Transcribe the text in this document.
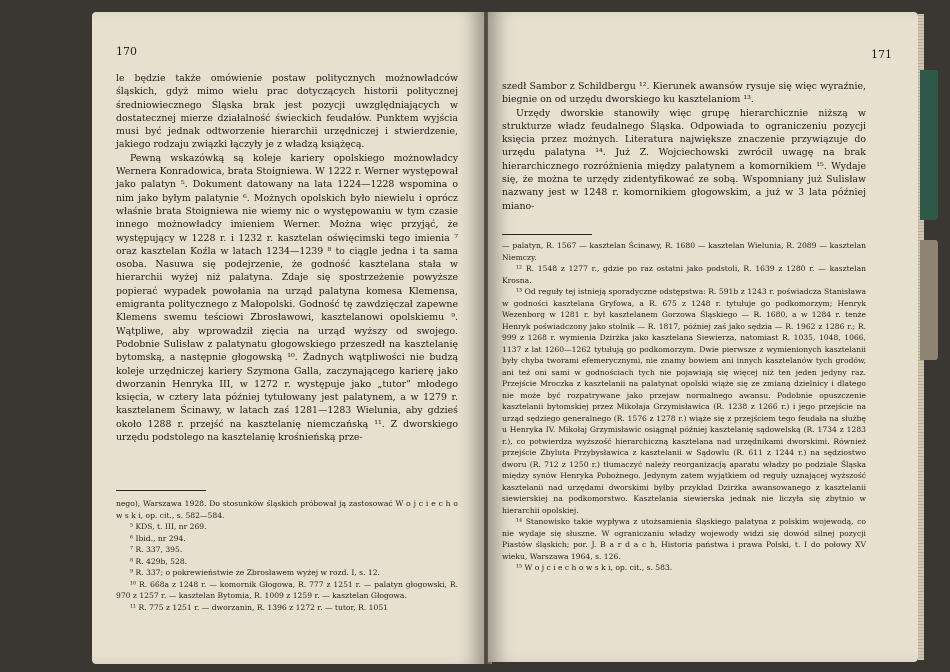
170

le będzie także omówienie postaw politycznych możnowładców śląskich, gdyż mimo wielu prac dotyczących historii politycznej średniowiecznego Śląska brak jest pozycji uwzględniających w dostatecznej mierze działalność świeckich feudałów. Punktem wyjścia musi być jednak odtworzenie hierarchii urzędniczej i stwierdzenie, jakiego rodzaju związki łączyły je z władzą książęcą.

Pewną wskazówką są koleje kariery opolskiego możnowładcy Wernera Konradowica, brata Stoigniewa. W 1222 r. Werner występował jako palatyn ⁵. Dokument datowany na lata 1224—1228 wspomina o nim jako byłym palatynie ⁶. Możnych opolskich było niewielu i oprócz właśnie brata Stoigniewa nie wiemy nic o występowaniu w tym czasie innego możnowładcy imieniem Werner. Można więc przyjąć, że występujący w 1228 r. i 1232 r. kasztelan oświęcimski tego imienia ⁷ oraz kasztelan Koźla w latach 1234—1239 ⁸ to ciągle jedna i ta sama osoba. Nasuwa się podejrzenie, że godność kasztelana stała w hierarchii wyżej niż palatyna. Zdaje się spostrzeżenie powyższe popierać wypadek powołania na urząd palatyna komesa Klemensa, emigranta politycznego z Małopolski. Godność tę zawdzięczał zapewne Klemens swemu teściowi Zbrosławowi, kasztelanowi opolskiemu ⁹. Wątpliwe, aby wprowadził zięcia na urząd wyższy od swojego. Podobnie Sulisław z palatynatu głogowskiego przeszedł na kasztelanię bytomską, a następnie głogowską ¹⁰. Żadnych wątpliwości nie budzą koleje urzędniczej kariery Szymona Galla, zaczynającego karierę jako dworzanin Henryka III, w 1272 r. występuje jako „tutor” młodego księcia, w cztery lata później tytułowany jest palatynem, a w 1279 r. kasztelanem Ścinawy, w latach zaś 1281—1283 Wielunia, aby gdzieś około 1288 r. przejść na kasztelanię niemczańską ¹¹. Z dworskiego urzędu podstolego na kasztelanię krośnieńską prze-

nego), Warszawa 1928. Do stosunków śląskich próbował ją zastosować W o j c i e c h o w s k i, op. cit., s. 582—584.

⁵ KDS, t. III, nr 269.

⁶ Ibid., nr 294.

⁷ R. 337, 395.

⁸ R. 429b, 528.

⁹ R. 337; o pokrewieństwie ze Zbrosławem wyżej w rozd. I, s. 12.

¹⁰ R. 668a z 1248 r. — komornik Głogowa, R. 777 z 1251 r. — palatyn głogowski, R. 970 z 1257 r. — kasztelan Bytomia, R. 1009 z 1259 r. — kasztelan Głogowa.

¹¹ R. 775 z 1251 r. — dworzanin, R. 1396 z 1272 r. — tutor, R. 1051

171

szedł Sambor z Schildbergu ¹². Kierunek awansów rysuje się więc wyraźnie, biegnie on od urzędu dworskiego ku kasztelaniom ¹³.

Urzędy dworskie stanowiły więc grupę hierarchicznie niższą w strukturze władz feudalnego Śląska. Odpowiada to ograniczeniu pozycji księcia przez możnych. Literatura największe znaczenie przywiązuje do urzędu palatyna ¹⁴. Już Z. Wojciechowski zwrócił uwagę na brak hierarchicznego rozróżnienia między palatynem a komornikiem ¹⁵. Wydaje się, że można te urzędy zidentyfikować ze sobą. Wspomniany już Sulisław nazwany jest w 1248 r. komornikiem głogowskim, a już w 3 lata później miano-

— palatyn, R. 1567 — kasztelan Ścinawy, R. 1680 — kasztelan Wielunia, R. 2089 — kasztelan Niemczy.

¹² R. 1548 z 1277 r., gdzie po raz ostatni jako podstoli, R. 1639 z 1280 r. — kasztelan Krosna.

¹³ Od reguły tej istnieją sporadyczne odstępstwa: R. 591b z 1243 r. poświadcza Stanisława w godności kasztelana Gryfowa, a R. 675 z 1248 r. tytułuje go podkomorzym; Henryk Wezenborg w 1281 r. był kasztelanem Gorzowa Śląskiego — R. 1680, a w 1284 r. tenże Henryk poświadczony jako stolnik — R. 1817, później zaś jako sędzia — R. 1962 z 1286 r.; R. 999 z 1268 r. wymienia Dzirżka jako kasztelana Siewierza, natomiast R. 1035, 1048, 1066, 1137 z lat 1260—1262 tytułują go podkomorzym. Dwie pierwsze z wymienionych kasztelanii były chyba tworami efemerycznymi, nie znamy bowiem ani innych kasztelanów tych grodów, ani też oni sami w godnościach tych nie pojawiają się więcej niż ten jeden jedyny raz. Przejście Mroczka z kasztelanii na palatynat opolski wiąże się ze zmianą dzielnicy i dlatego nie może być rozpatrywane jako przejaw normalnego awansu. Podobnie opuszczenie kasztelanii bytomskiej przez Mikołaja Grzymisławica (R. 1238 z 1266 r.) i jego przejście na urząd sędziego generalnego (R. 1576 z 1278 r.) wiąże się z przejściem tego feudała na służbę u Henryka IV. Mikołaj Grzymisławic osiągnął później kasztelanię sądowelską (R. 1734 z 1283 r.), co potwierdza wyższość hierarchiczną kasztelana nad urzędnikami dworskimi. Również przejście Zbyluta Przybysławica z kasztelanii w Sądowlu (R. 611 z 1244 r.) na sędziostwo dworu (R. 712 z 1250 r.) tłumaczyć należy reorganizacją aparatu władzy po podziale Śląska między synów Henryka Pobożnego. Jedynym zatem wyjątkiem od reguły uznającej wyższość kasztelanii nad urzędami dworskimi byłby przykład Dzirżka awansowanego z kasztelanii siewierskiej na podkomorstwo. Kasztelania siewierska jednak nie liczyła się zbytnio w hierarchii opolskiej.

¹⁴ Stanowisko takie wypływa z utożsamienia śląskiego palatyna z polskim wojewodą, co nie wydaje się słuszne. W ograniczaniu władzy wojewody widzi się dowód silnej pozycji Piastów śląskich; por. J. B a r d a c h, Historia państwa i prawa Polski, t. I do połowy XV wieku, Warszawa 1964, s. 126.

¹⁵ W o j c i e c h o w s k i, op. cit., s. 583.
